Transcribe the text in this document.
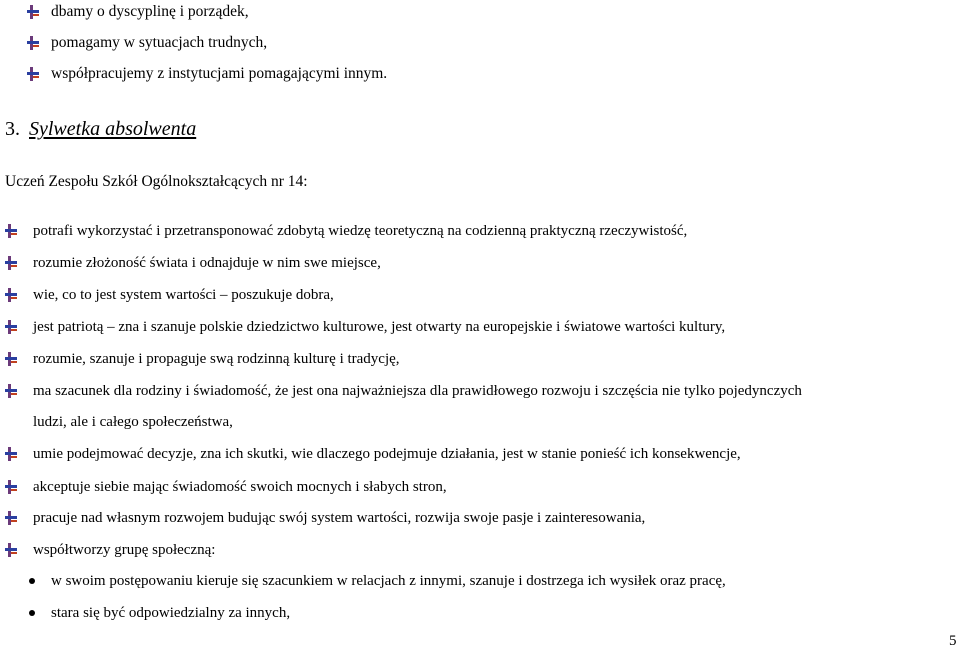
dbamy o dyscyplinę i porządek,
pomagamy w sytuacjach trudnych,
współpracujemy z instytucjami pomagającymi innym.
3. Sylwetka absolwenta
Uczeń Zespołu Szkół Ogólnokształcących nr 14:
potrafi wykorzystać i przetransponować zdobytą wiedzę teoretyczną na codzienną praktyczną rzeczywistość,
rozumie złożoność świata i odnajduje w nim swe miejsce,
wie, co to jest system wartości – poszukuje dobra,
jest patriotą – zna i szanuje polskie dziedzictwo kulturowe, jest otwarty na europejskie i światowe wartości kultury,
rozumie, szanuje i propaguje swą rodzinną kulturę i tradycję,
ma szacunek dla rodziny i świadomość, że jest ona najważniejsza dla prawidłowego rozwoju i szczęścia nie tylko pojedynczych
ludzi, ale i całego społeczeństwa,
umie podejmować decyzje, zna ich skutki, wie dlaczego podejmuje działania, jest w stanie ponieść ich konsekwencje,
akceptuje siebie mając świadomość swoich mocnych i słabych stron,
pracuje nad własnym rozwojem budując swój system wartości, rozwija swoje pasje i zainteresowania,
współtworzy grupę społeczną:
w swoim postępowaniu kieruje się szacunkiem w relacjach z innymi, szanuje i dostrzega ich wysiłek oraz pracę,
stara się być odpowiedzialny za innych,
5
